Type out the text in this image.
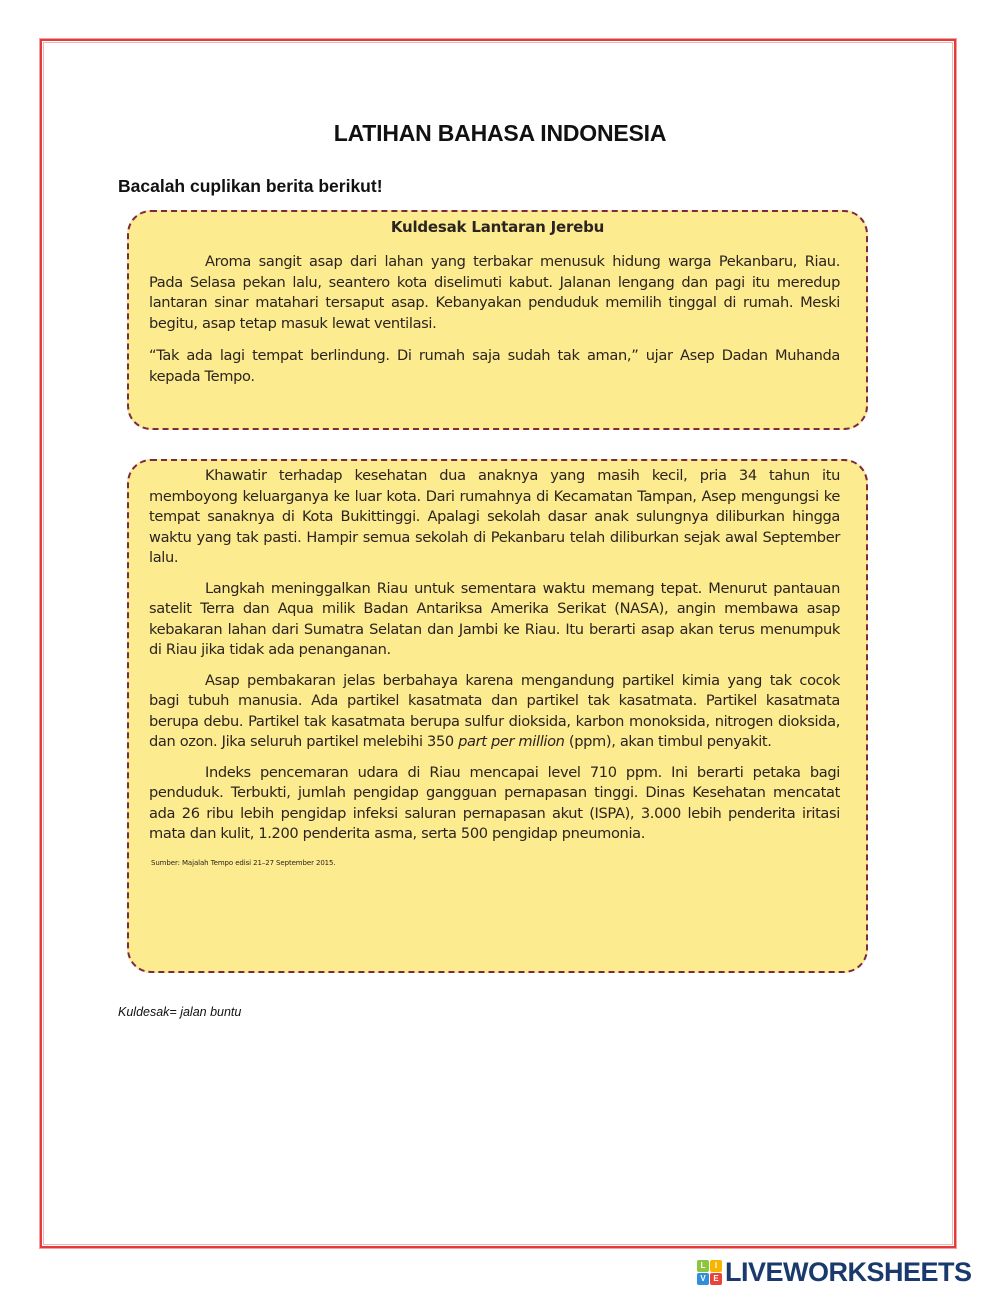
LATIHAN BAHASA INDONESIA
Bacalah cuplikan berita berikut!
Kuldesak Lantaran Jerebu

Aroma sangit asap dari lahan yang terbakar menusuk hidung warga Pekanbaru, Riau. Pada Selasa pekan lalu, seantero kota diselimuti kabut. Jalanan lengang dan pagi itu meredup lantaran sinar matahari tersaput asap. Kebanyakan penduduk memilih tinggal di rumah. Meski begitu, asap tetap masuk lewat ventilasi.

“Tak ada lagi tempat berlindung. Di rumah saja sudah tak aman,” ujar Asep Dadan Muhanda kepada Tempo.

Khawatir terhadap kesehatan dua anaknya yang masih kecil, pria 34 tahun itu memboyong keluarganya ke luar kota. Dari rumahnya di Kecamatan Tampan, Asep mengungsi ke tempat sanaknya di Kota Bukittinggi. Apalagi sekolah dasar anak sulungnya diliburkan hingga waktu yang tak pasti. Hampir semua sekolah di Pekanbaru telah diliburkan sejak awal September lalu.

Langkah meninggalkan Riau untuk sementara waktu memang tepat. Menurut pantauan satelit Terra dan Aqua milik Badan Antariksa Amerika Serikat (NASA), angin membawa asap kebakaran lahan dari Sumatra Selatan dan Jambi ke Riau. Itu berarti asap akan terus menumpuk di Riau jika tidak ada penanganan.

Asap pembakaran jelas berbahaya karena mengandung partikel kimia yang tak cocok bagi tubuh manusia. Ada partikel kasatmata dan partikel tak kasatmata. Partikel kasatmata berupa debu. Partikel tak kasatmata berupa sulfur dioksida, karbon monoksida, nitrogen dioksida, dan ozon. Jika seluruh partikel melebihi 350 part per million (ppm), akan timbul penyakit.

Indeks pencemaran udara di Riau mencapai level 710 ppm. Ini berarti petaka bagi penduduk. Terbukti, jumlah pengidap gangguan pernapasan tinggi. Dinas Kesehatan mencatat ada 26 ribu lebih pengidap infeksi saluran pernapasan akut (ISPA), 3.000 lebih penderita iritasi mata dan kulit, 1.200 penderita asma, serta 500 pengidap pneumonia.

Sumber: Majalah Tempo edisi 21–27 September 2015.
Kuldesak= jalan buntu
L	I
V E LIVEWORKSHEETS
